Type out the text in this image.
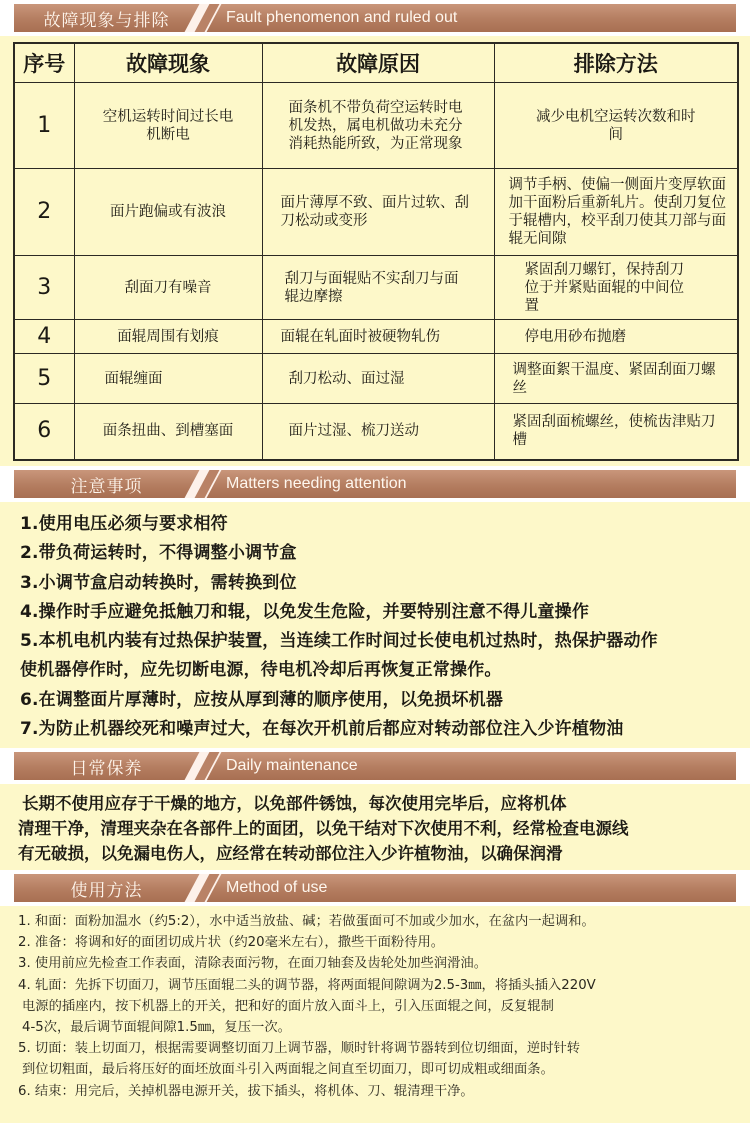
故障现象与排除	Fault phenomenon and ruled out
序号	故障现象	故障原因	排除方法
1	空机运转时间过长电机断电	面条机不带负荷空运转时电机发热，属电机做功未充分消耗热能所致，为正常现象	减少电机空运转次数和时间
2	面片跑偏或有波浪	面片薄厚不致、面片过软、刮刀松动或变形	调节手柄、使偏一侧面片变厚软面加干面粉后重新轧片。使刮刀复位于辊槽内，校平刮刀使其刀部与面辊无间隙
3	刮面刀有噪音	刮刀与面辊贴不实刮刀与面辊边摩擦	紧固刮刀螺钉，保持刮刀位于并紧贴面辊的中间位置
4	面辊周围有划痕	面辊在轧面时被硬物轧伤	停电用砂布抛磨
5	面辊缠面	刮刀松动、面过湿	调整面絮干温度、紧固刮面刀螺丝
6	面条扭曲、到槽塞面	面片过湿、梳刀送动	紧固刮面梳螺丝，使梳齿津贴刀槽
注意事项	Matters needing attention
1.使用电压必须与要求相符
2.带负荷运转时，不得调整小调节盒
3.小调节盒启动转换时，需转换到位
4.操作时手应避免抵触刀和辊，以免发生危险，并要特别注意不得儿童操作
5.本机电机内装有过热保护装置，当连续工作时间过长使电机过热时，热保护器动作
使机器停作时，应先切断电源，待电机冷却后再恢复正常操作。
6.在调整面片厚薄时，应按从厚到薄的顺序使用，以免损坏机器
7.为防止机器绞死和噪声过大，在每次开机前后都应对转动部位注入少许植物油
日常保养	Daily maintenance

长期不使用应存于干燥的地方，以免部件锈蚀，每次使用完毕后，应将机体
清理干净，清理夹杂在各部件上的面团，以免干结对下次使用不利，经常检查电源线
有无破损，以免漏电伤人，应经常在转动部位注入少许植物油，以确保润滑

使用方法	Method of use
1. 和面：面粉加温水（约5:2），水中适当放盐、碱；若做蛋面可不加或少加水，在盆内一起调和。
2. 准备：将调和好的面团切成片状（约20毫米左右），撒些干面粉待用。
3. 使用前应先检查工作表面，清除表面污物，在面刀轴套及齿轮处加些润滑油。
4. 轧面：先拆下切面刀，调节压面辊二头的调节器，将两面辊间隙调为2.5-3㎜，将插头插入220V
电源的插座内，按下机器上的开关，把和好的面片放入面斗上，引入压面辊之间，反复辊制
4-5次，最后调节面辊间隙1.5㎜，复压一次。
5. 切面：装上切面刀，根据需要调整切面刀上调节器，顺时针将调节器转到位切细面，逆时针转
到位切粗面，最后将压好的面坯放面斗引入两面辊之间直至切面刀，即可切成粗或细面条。
6. 结束：用完后，关掉机器电源开关，拔下插头，将机体、刀、辊清理干净。
